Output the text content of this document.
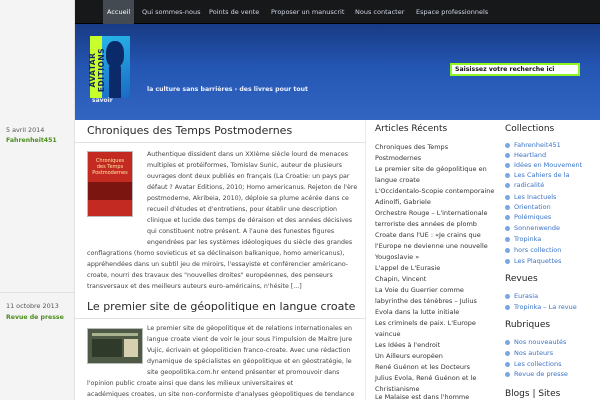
5 avril 2014
Fahrenheit451
11 octobre 2013
Revue de presse
Accueil	Qui sommes-nous Points de vente Proposer un manuscrit Nous contacter Espace professionnels
AVATAR EDITIONS
savoir
la culture sans barrières › des livres pour tout
Saisissez votre recherche ici
Chroniques des Temps Postmodernes
Chroniques des Temps Postmodernes
Authentique dissident dans un XXIème siècle lourd de menaces
multiples et protéiformes, Tomislav Sunic, auteur de plusieurs
ouvrages dont deux publiés en français (La Croatie: un pays par
défaut ? Avatar Editions, 2010; Homo americanus. Rejeton de l'ère
postmoderne, Akribeia, 2010), déploie sa plume acérée dans ce
recueil d'études et d'entretiens, pour établir une description
clinique et lucide des temps de déraison et des années décisives
qui constituent notre présent. A l'aune des funestes figures
engendrées par les systèmes idéologiques du siècle des grandes
conflagrations (homo sovieticus et sa déclinaison balkanique, homo americanus),
appréhendées dans un subtil jeu de miroirs, l'essayiste et conférencier américano-
croate, nourri des travaux des "nouvelles droites" européennes, des penseurs
transversaux et des meilleurs auteurs euro-américains, n'hésite [...]
Le premier site de géopolitique en langue croate
Le premier site de géopolitique et de relations internationales en
langue croate vient de voir le jour sous l'impulsion de Maitre Jure
Vujic, écrivain et géopoliticien franco-croate. Avec une rédaction
dynamique de spécialistes en géopolitique et en géostratégie, le
site geopolitika.com.hr entend présenter et promouvoir dans
l'opinion public croate ainsi que dans les milieux universitaires et
académiques croates, un site non-conformiste d'analyses géopolitiques de tendance
Articles Récents
Chroniques des Temps
Postmodernes
Le premier site de géopolitique en
langue croate
L'Occidentalo-Scopie contemporaine
Adinolfi, Gabriele
Orchestre Rouge – L'internationale
terroriste des années de plomb
Croate dans l'UE : «Je crains que
l'Europe ne devienne une nouvelle
Yougoslavie »
L'appel de L'Eurasie
Chapin, Vincent
La Voie du Guerrier comme
labyrinthe des ténèbres – Julius
Evola dans la lutte initiale
Les criminels de paix. L'Europe
vaincue
Les Idées à l'endroit
Un Ailleurs européen
René Guénon et les Docteurs
Julius Evola, René Guénon et le
Christianisme
Le Malaise est dans l'homme
Collections
Fahrenheit451
Heartland
Idées en Mouvement
Les Cahiers de la
radicalité
Les Inactuels
Orientation
Polémiques
Sonnenwende
Tropinka
hors collection
Les Plaquettes
Revues
Eurasia
Tropinka – La revue
Rubriques
Nos nouveautés
Nos auteurs
Les collections
Revue de presse
Blogs | Sites
